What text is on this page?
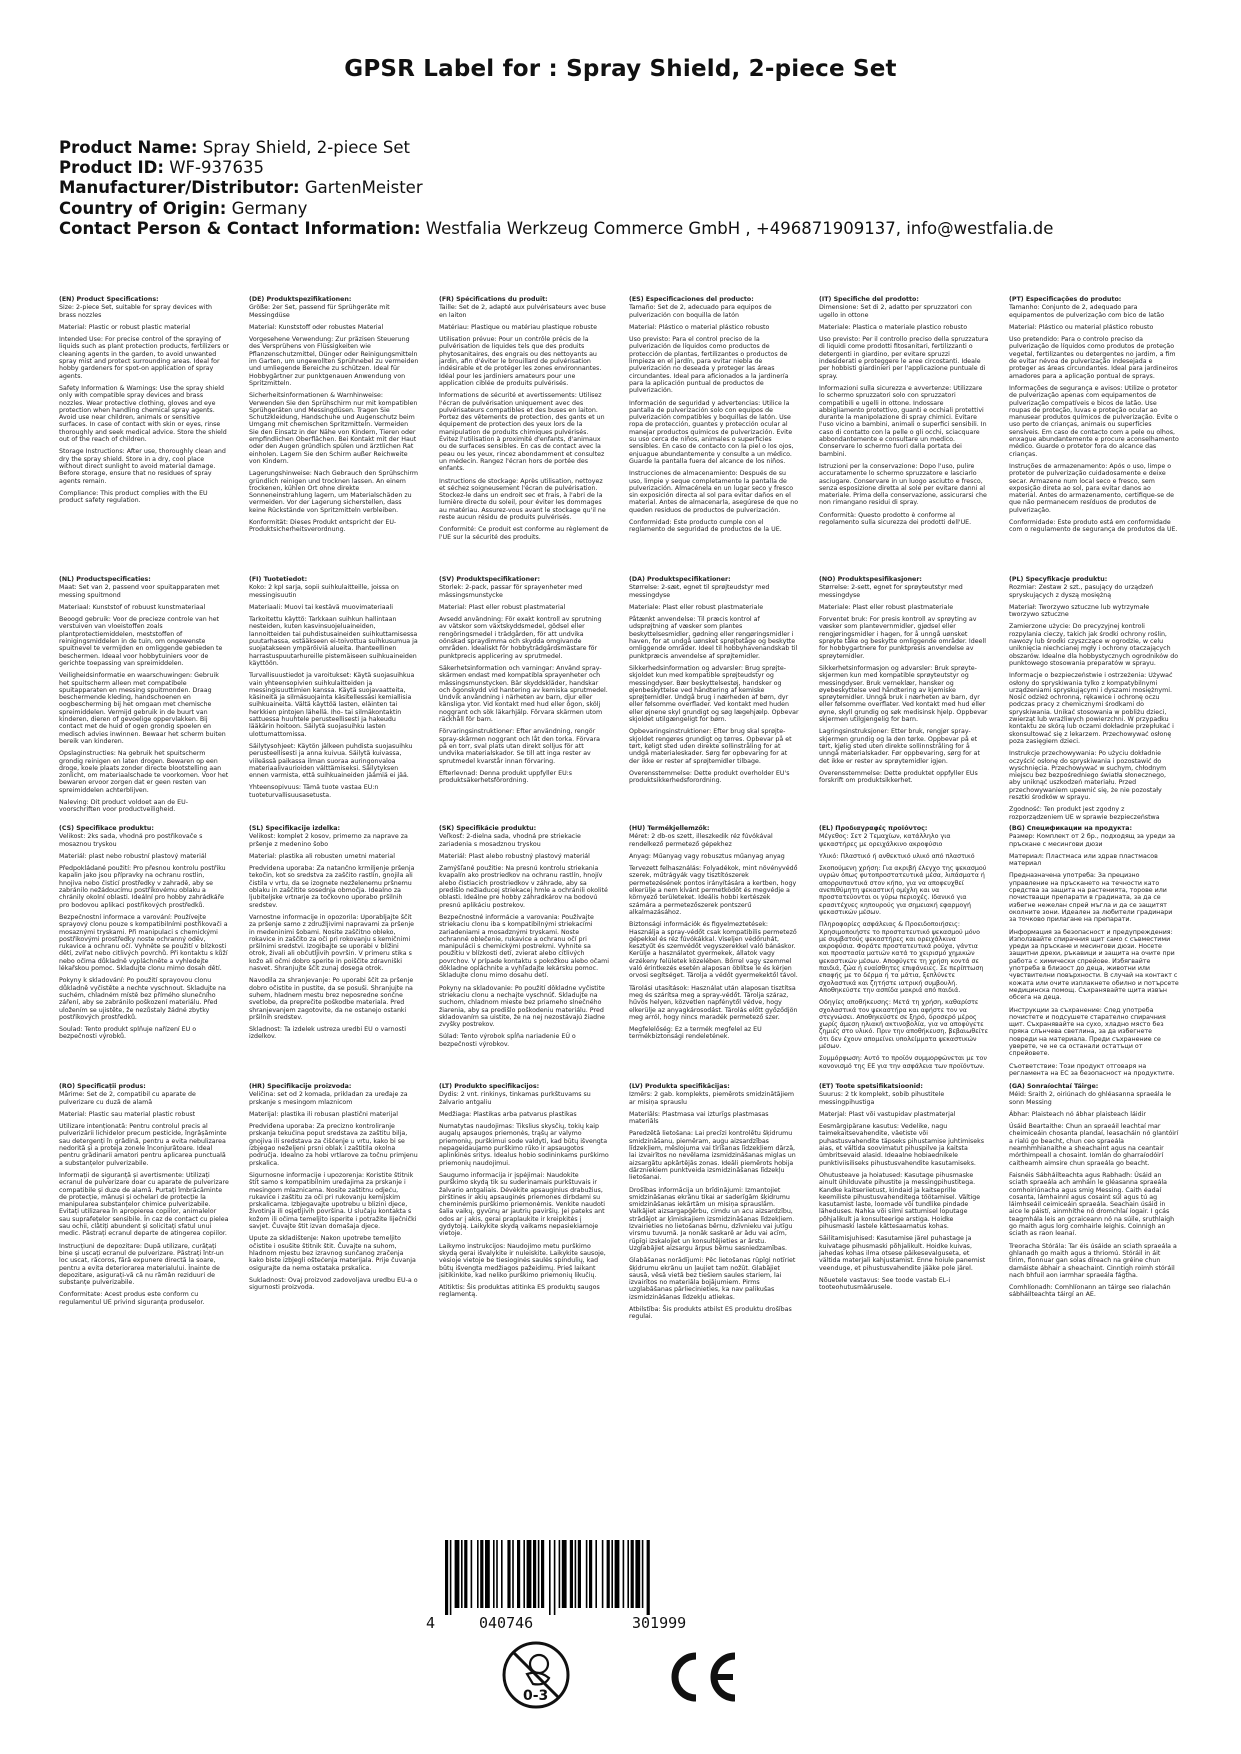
GPSR Label for : Spray Shield, 2-piece Set
Product Name: Spray Shield, 2-piece Set
Product ID: WF-937635
Manufacturer/Distributor: GartenMeister
Country of Origin: Germany
Contact Person & Contact Information: Westfalia Werkzeug Commerce GmbH , +496871909137, info@westfalia.de
(EN) Product Specifications:
Size: 2-piece Set, suitable for spray devices with brass nozzles
Material: Plastic or robust plastic material
Intended Use: For precise control of the spraying of liquids such as plant protection products, fertilizers or cleaning agents in the garden, to avoid unwanted spray mist and protect surrounding areas. Ideal for hobby gardeners for spot-on application of spray agents.
Safety Information & Warnings: Use the spray shield only with compatible spray devices and brass nozzles. Wear protective clothing, gloves and eye protection when handling chemical spray agents. Avoid use near children, animals or sensitive surfaces. In case of contact with skin or eyes, rinse thoroughly and seek medical advice. Store the shield out of the reach of children.
Storage Instructions: After use, thoroughly clean and dry the spray shield. Store in a dry, cool place without direct sunlight to avoid material damage. Before storage, ensure that no residues of spray agents remain.
Compliance: This product complies with the EU product safety regulation.
(DE) Produktspezifikationen:
Größe: 2er Set, passend für Sprühgeräte mit Messingdüse
Material: Kunststoff oder robustes Material
Vorgesehene Verwendung: Zur präzisen Steuerung des Versprühens von Flüssigkeiten wie Pflanzenschutzmittel, Dünger oder Reinigungsmitteln im Garten, um ungewollten Sprühnebel zu vermeiden und umliegende Bereiche zu schützen. Ideal für Hobbygärtner zur punktgenauen Anwendung von Spritzmitteln.
Sicherheitsinformationen & Warnhinweise: Verwenden Sie den Sprühschirm nur mit kompatiblen Sprühgeräten und Messingdüsen. Tragen Sie Schutzkleidung, Handschuhe und Augenschutz beim Umgang mit chemischen Spritzmitteln. Vermeiden Sie den Einsatz in der Nähe von Kindern, Tieren oder empfindlichen Oberflächen. Bei Kontakt mit der Haut oder den Augen gründlich spülen und ärztlichen Rat einholen. Lagern Sie den Schirm außer Reichweite von Kindern.
Lagerungshinweise: Nach Gebrauch den Sprühschirm gründlich reinigen und trocknen lassen. An einem trockenen, kühlen Ort ohne direkte Sonneneinstrahlung lagern, um Materialschäden zu vermeiden. Vor der Lagerung sicherstellen, dass keine Rückstände von Spritzmitteln verbleiben.
Konformität: Dieses Produkt entspricht der EU-Produktsicherheitsverordnung.
(FR) Spécifications du produit:
Taille: Set de 2, adapté aux pulvérisateurs avec buse en laiton
Matériau: Plastique ou matériau plastique robuste
Utilisation prévue: Pour un contrôle précis de la pulvérisation de liquides tels que des produits phytosanitaires, des engrais ou des nettoyants au jardin, afin d'éviter le brouillard de pulvérisation indésirable et de protéger les zones environnantes. Idéal pour les jardiniers amateurs pour une application ciblée de produits pulvérisés.
Informations de sécurité et avertissements: Utilisez l'écran de pulvérisation uniquement avec des pulvérisateurs compatibles et des buses en laiton. Portez des vêtements de protection, des gants et un équipement de protection des yeux lors de la manipulation de produits chimiques pulvérisés. Évitez l'utilisation à proximité d'enfants, d'animaux ou de surfaces sensibles. En cas de contact avec la peau ou les yeux, rincez abondamment et consultez un médecin. Rangez l'écran hors de portée des enfants.
Instructions de stockage: Après utilisation, nettoyez et séchez soigneusement l'écran de pulvérisation. Stockez-le dans un endroit sec et frais, à l'abri de la lumière directe du soleil, pour éviter les dommages au matériau. Assurez-vous avant le stockage qu'il ne reste aucun résidu de produits pulvérisés.
Conformité: Ce produit est conforme au règlement de l'UE sur la sécurité des produits.
(ES) Especificaciones del producto:
Tamaño: Set de 2, adecuado para equipos de pulverización con boquilla de latón
Material: Plástico o material plástico robusto
Uso previsto: Para el control preciso de la pulverización de líquidos como productos de protección de plantas, fertilizantes o productos de limpieza en el jardín, para evitar niebla de pulverización no deseada y proteger las áreas circundantes. Ideal para aficionados a la jardinería para la aplicación puntual de productos de pulverización.
Información de seguridad y advertencias: Utilice la pantalla de pulverización solo con equipos de pulverización compatibles y boquillas de latón. Use ropa de protección, guantes y protección ocular al manejar productos químicos de pulverización. Evite su uso cerca de niños, animales o superficies sensibles. En caso de contacto con la piel o los ojos, enjuague abundantemente y consulte a un médico. Guarde la pantalla fuera del alcance de los niños.
Instrucciones de almacenamiento: Después de su uso, limpie y seque completamente la pantalla de pulverización. Almacénela en un lugar seco y fresco sin exposición directa al sol para evitar daños en el material. Antes de almacenarla, asegúrese de que no queden residuos de productos de pulverización.
Conformidad: Este producto cumple con el reglamento de seguridad de productos de la UE.
(IT) Specifiche del prodotto:
Dimensione: Set di 2, adatto per spruzzatori con ugello in ottone
Materiale: Plastica o materiale plastico robusto
Uso previsto: Per il controllo preciso della spruzzatura di liquidi come prodotti fitosanitari, fertilizzanti o detergenti in giardino, per evitare spruzzi indesiderati e proteggere le aree circostanti. Ideale per hobbisti giardinieri per l'applicazione puntuale di spray.
Informazioni sulla sicurezza e avvertenze: Utilizzare lo schermo spruzzatori solo con spruzzatori compatibili e ugelli in ottone. Indossare abbigliamento protettivo, guanti e occhiali protettivi durante la manipolazione di spray chimici. Evitare l'uso vicino a bambini, animali o superfici sensibili. In caso di contatto con la pelle o gli occhi, sciacquare abbondantemente e consultare un medico. Conservare lo schermo fuori dalla portata dei bambini.
Istruzioni per la conservazione: Dopo l'uso, pulire accuratamente lo schermo spruzzatore e lasciarlo asciugare. Conservare in un luogo asciutto e fresco, senza esposizione diretta al sole per evitare danni al materiale. Prima della conservazione, assicurarsi che non rimangano residui di spray.
Conformità: Questo prodotto è conforme al regolamento sulla sicurezza dei prodotti dell'UE.
(PT) Especificações do produto:
Tamanho: Conjunto de 2, adequado para equipamentos de pulverização com bico de latão
Material: Plástico ou material plástico robusto
Uso pretendido: Para o controlo preciso da pulverização de líquidos como produtos de proteção vegetal, fertilizantes ou detergentes no jardim, a fim de evitar névoa de pulverização indesejada e proteger as áreas circundantes. Ideal para jardineiros amadores para a aplicação pontual de sprays.
Informações de segurança e avisos: Utilize o protetor de pulverização apenas com equipamentos de pulverização compatíveis e bicos de latão. Use roupas de proteção, luvas e proteção ocular ao manusear produtos químicos de pulverização. Evite o uso perto de crianças, animais ou superfícies sensíveis. Em caso de contacto com a pele ou olhos, enxague abundantemente e procure aconselhamento médico. Guarde o protetor fora do alcance das crianças.
Instruções de armazenamento: Após o uso, limpe o protetor de pulverização cuidadosamente e deixe secar. Armazene num local seco e fresco, sem exposição direta ao sol, para evitar danos ao material. Antes do armazenamento, certifique-se de que não permanecem resíduos de produtos de pulverização.
Conformidade: Este produto está em conformidade com o regulamento de segurança de produtos da UE.
(NL) Productspecificaties:
Maat: Set van 2, passend voor spuitapparaten met messing spuitmond
Materiaal: Kunststof of robuust kunstmateriaal
Beoogd gebruik: Voor de precieze controle van het verstuiven van vloeistoffen zoals plantprotectiemiddelen, meststoffen of reinigingsmiddelen in de tuin, om ongewenste spuitnevel te vermijden en omliggende gebieden te beschermen. Ideaal voor hobbytuiniers voor de gerichte toepassing van spreimiddelen.
Veiligheidsinformatie en waarschuwingen: Gebruik het spuitscherm alleen met compatibele spuitapparaten en messing spuitmonden. Draag beschermende kleding, handschoenen en oogbescherming bij het omgaan met chemische spreimiddelen. Vermijd gebruik in de buurt van kinderen, dieren of gevoelige oppervlakken. Bij contact met de huid of ogen grondig spoelen en medisch advies inwinnen. Bewaar het scherm buiten bereik van kinderen.
Opslaginstructies: Na gebruik het spuitscherm grondig reinigen en laten drogen. Bewaren op een droge, koele plaats zonder directe blootstelling aan zonlicht, om materiaalschade te voorkomen. Voor het bewaren ervoor zorgen dat er geen resten van spreimiddelen achterblijven.
Naleving: Dit product voldoet aan de EU-voorschriften voor productveiligheid.
(FI) Tuotetiedot:
Koko: 2 kpl sarja, sopii suihkulaitteille, joissa on messingisuutin
Materiaali: Muovi tai kestävä muovimateriaali
Tarkoitettu käyttö: Tarkkaan suihkun hallintaan nesteiden, kuten kasvinsuojeluaineiden, lannoitteiden tai puhdistusaineiden suihkuttamisessa puutarhassa, estääkseen ei-toivottua suihkusumua ja suojatakseen ympäröiviä alueita. Ihanteellinen harrastuspuutarhureille pistemäiseen suihkuaineiden käyttöön.
Turvallisuustiedot ja varoitukset: Käytä suojasuihkua vain yhteensopivien suihkulaitteiden ja messingisuuttimien kanssa. Käytä suojavaatteita, käsineitä ja silmäsuojainta käsitellessäsi kemiallisia suihkuaineita. Vältä käyttöä lasten, eläinten tai herkkien pintojen lähellä. Iho- tai silmäkontaktin sattuessa huuhtele perusteellisesti ja hakeudu lääkärin hoitoon. Säilytä suojasuihku lasten ulottumattomissa.
Säilytysohjeet: Käytön jälkeen puhdista suojasuihku perusteellisesti ja anna kuivua. Säilytä kuivassa, viileässä paikassa ilman suoraa auringonvaloa materiaalivaurioiden välttämiseksi. Säilytyksen ennen varmista, että suihkuaineiden jäämiä ei jää.
Yhteensopivuus: Tämä tuote vastaa EU:n tuoteturvallisuusasetusta.
(SV) Produktspecifikationer:
Storlek: 2-pack, passar för sprayenheter med mässingsmunstycke
Material: Plast eller robust plastmaterial
Avsedd användning: För exakt kontroll av sprutning av vätskor som växtskyddsmedel, gödsel eller rengöringsmedel i trädgården, för att undvika oönskad spraydimma och skydda omgivande områden. Idealiskt för hobbyträdgårdsmästare för punktprecis applicering av sprutmedel.
Säkerhetsinformation och varningar: Använd spray-skärmen endast med kompatibla sprayenheter och mässingsmunstycken. Bär skyddskläder, handskar och ögonskydd vid hantering av kemiska sprutmedel. Undvik användning i närheten av barn, djur eller känsliga ytor. Vid kontakt med hud eller ögon, skölj noggrant och sök läkarhjälp. Förvara skärmen utom räckhåll för barn.
Förvaringsinstruktioner: Efter användning, rengör spray-skärmen noggrant och låt den torka. Förvara på en torr, sval plats utan direkt solljus för att undvika materialskador. Se till att inga rester av sprutmedel kvarstår innan förvaring.
Efterlevnad: Denna produkt uppfyller EU:s produktsäkerhetsförordning.
(DA) Produktspecifikationer:
Størrelse: 2-sæt, egnet til sprøjteudstyr med messingdyse
Materiale: Plast eller robust plastmateriale
Påtænkt anvendelse: Til præcis kontrol af udsprøjtning af væsker som plantes beskyttelsesmidler, gødning eller rengøringsmidler i haven, for at undgå uønsket sprøjtetåge og beskytte omliggende områder. Ideel til hobbyhavenandskab til punktpræcis anvendelse af sprøjtemidler.
Sikkerhedsinformation og advarsler: Brug sprøjte-skjoldet kun med kompatible sprøjteudstyr og messingdyser. Bær beskyttelsestøj, handsker og øjenbeskyttelse ved håndtering af kemiske sprøjtemidler. Undgå brug i nærheden af børn, dyr eller følsomme overflader. Ved kontakt med huden eller øjnene skyl grundigt og søg lægehjælp. Opbevar skjoldet utilgængeligt for børn.
Opbevaringsinstruktioner: Efter brug skal sprøjte-skjoldet rengøres grundigt og tørres. Opbevar på et tørt, køligt sted uden direkte sollinstråling for at undgå materialeskader. Sørg før opbevaring for at der ikke er rester af sprøjtemidler tilbage.
Overensstemmelse: Dette produkt overholder EU's produktsikkerhedsforordning.
(NO) Produktspesifikasjoner:
Størrelse: 2-sett, egnet for sprøyteutstyr med messingdyse
Materiale: Plast eller robust plastmateriale
Forventet bruk: For presis kontroll av sprøyting av væsker som plantevernmidler, gjødsel eller rengjøringsmidler i hagen, for å unngå uønsket sprøyte tåke og beskytte omliggende områder. Ideell for hobbygartnere for punktpresis anvendelse av sprøytemidler.
Sikkerhetsinformasjon og advarsler: Bruk sprøyte-skjermen kun med kompatible sprøyteutstyr og messingdyser. Bruk verneklær, hansker og øyebeskyttelse ved håndtering av kjemiske sprøytemidler. Unngå bruk i nærheten av barn, dyr eller følsomme overflater. Ved kontakt med hud eller øyne, skyll grundig og søk medisinsk hjelp. Oppbevar skjermen utilgjengelig for barn.
Lagringsinstruksjoner: Etter bruk, rengjør spray-skjermen grundig og la den tørke. Oppbevar på et tørt, kjølig sted uten direkte sollinnstråling for å unngå materialskader. Før oppbevaring, sørg for at det ikke er rester av sprøytemidler igjen.
Overensstemmelse: Dette produktet oppfyller EUs forskrift om produktsikkerhet.
(PL) Specyfikacje produktu:
Rozmiar: Zestaw 2 szt., pasujący do urządzeń spryskujących z dyszą mosiężną
Materiał: Tworzywo sztuczne lub wytrzymałe tworzywo sztuczne
Zamierzone użycie: Do precyzyjnej kontroli rozpylania cieczy, takich jak środki ochrony roślin, nawozy lub środki czyszczące w ogrodzie, w celu uniknięcia niechcianej mgły i ochrony otaczających obszarów. Idealne dla hobbystycznych ogrodników do punktowego stosowania preparatów w sprayu.
Informacje o bezpieczeństwie i ostrzeżenia: Używać osłony do spryskiwania tylko z kompatybilnymi urządzeniami spryskującymi i dyszami mosiężnymi. Nosić odzież ochronną, rękawice i ochronę oczu podczas pracy z chemicznymi środkami do spryskiwania. Unikać stosowania w pobliżu dzieci, zwierząt lub wrażliwych powierzchni. W przypadku kontaktu ze skórą lub oczami dokładnie przepłukać i skonsultować się z lekarzem. Przechowywać osłonę poza zasięgiem dzieci.
Instrukcje przechowywania: Po użyciu dokładnie oczyścić osłonę do spryskiwania i pozostawić do wyschnięcia. Przechowywać w suchym, chłodnym miejscu bez bezpośredniego światła słonecznego, aby uniknąć uszkodzeń materiału. Przed przechowywaniem upewnić się, że nie pozostały resztki środków w sprayu.
Zgodność: Ten produkt jest zgodny z rozporządzeniem UE w sprawie bezpieczeństwa
(CS) Specifikace produktu:
Velikost: 2ks sada, vhodná pro postřikovače s mosaznou tryskou
Materiál: plast nebo robustní plastový materiál
Předpokládané použití: Pro přesnou kontrolu postřiku kapalin jako jsou přípravky na ochranu rostlin, hnojiva nebo čisticí prostředky v zahradě, aby se zabránilo nežádoucímu postřikovému oblaku a chránily okolní oblasti. Ideální pro hobby zahrádkáře pro bodovou aplikaci postřikových prostředků.
Bezpečnostní informace a varování: Používejte sprayový clonu pouze s kompatibilními postřikovači a mosaznými tryskami. Při manipulaci s chemickými postřikovými prostředky noste ochranný oděv, rukavice a ochranu očí. Vyhněte se použití v blízkosti dětí, zvířat nebo citlivých povrchů. Při kontaktu s kůží nebo očima důkladně vypláchněte a vyhledejte lékařskou pomoc. Skladujte clonu mimo dosah dětí.
Pokyny k skladování: Po použití sprayovou clonu důkladně vyčistěte a nechte vyschnout. Skladujte na suchém, chladném místě bez přímého slunečního záření, aby se zabránilo poškození materiálu. Před uložením se ujistěte, že nezůstaly žádné zbytky postřikových prostředků.
Soulad: Tento produkt splňuje nařízení EU o bezpečnosti výrobků.
(SL) Specifikacije izdelka:
Velikost: komplet 2 kosov, primerno za naprave za pršenje z medenino šobo
Material: plastika ali robusten umetni material
Predvidena uporaba: Za natančno krmiljenje pršenja tekočin, kot so sredstva za zaščito rastlin, gnojila ali čistila v vrtu, da se izognete nezželenemu pršnemu oblaku in zaščitite sosednja območja. Idealno za ljubiteljske vrtnarje za točkovno uporabo pršilnih sredstev.
Varnostne informacije in opozorila: Uporabljajte ščit za pršenje samo z združljivimi napravami za pršenje in medeninimi šobami. Nosite zaščitno obleko, rokavice in zaščito za oči pri rokovanju s kemičnimi pršilnimi sredstvi. Izogibajte se uporabi v bližini otrok, živali ali občutljivih površin. V primeru stika s kožo ali očmi dobro sperite in poiščite zdravniški nasvet. Shranjujte ščit zunaj dosega otrok.
Navodila za shranjevanje: Po uporabi ščit za pršenje dobro očistite in pustite, da se posuši. Shranjujte na suhem, hladnem mestu brez neposredne sončne svetlobe, da preprečite poškodbe materiala. Pred shranjevanjem zagotovite, da ne ostanejo ostanki pršilnih sredstev.
Skladnost: Ta izdelek ustreza uredbi EU o varnosti izdelkov.
(SK) Špecifikácie produktu:
Veľkosť: 2-dielna sada, vhodná pre striekacie zariadenia s mosadznou tryskou
Materiál: Plast alebo robustný plastový materiál
Zamýšľané použitie: Na presnú kontrolu striekania kvapalín ako prostriedkov na ochranu rastlín, hnojív alebo čistiacich prostriedkov v záhrade, aby sa predišlo nežiaducej striekacej hmle a ochránili okolité oblasti. Ideálne pre hobby záhradkárov na bodovú presnú aplikáciu postrekov.
Bezpečnostné informácie a varovania: Používajte striekaciu clonu iba s kompatibilnými striekacími zariadeniami a mosadznými tryskami. Noste ochranné oblečenie, rukavice a ochranu očí pri manipulácii s chemickými postrekmi. Vyhnite sa použitiu v blízkosti detí, zvierat alebo citlivých povrchov. V prípade kontaktu s pokožkou alebo očami dôkladne opláchnite a vyhľadajte lekársku pomoc. Skladujte clonu mimo dosahu detí.
Pokyny na skladovanie: Po použití dôkladne vyčistite striekaciu clonu a nechajte vyschnúť. Skladujte na suchom, chladnom mieste bez priameho slnečného žiarenia, aby sa predišlo poškodeniu materiálu. Pred skladovaním sa uistite, že na nej nezostávajú žiadne zvyšky postrekov.
Súlad: Tento výrobok spĺňa nariadenie EÚ o bezpečnosti výrobkov.
(HU) Termékjellemzők:
Méret: 2 db-os szett, illeszkedik réz fúvókával rendelkező permetező gépekhez
Anyag: Műanyag vagy robusztus műanyag anyag
Tervezett felhasználás: Folyadékok, mint növényvédő szerek, műtrágyák vagy tisztítószerek permetezésének pontos irányítására a kertben, hogy elkerülje a nem kívánt permetködöt és megvédje a környező területeket. Ideális hobbi kertészek számára a permetezőszerek pontszerű alkalmazásához.
Biztonsági információk és figyelmeztetések: Használja a spray-védőt csak kompatibilis permetező gépekkel és réz fúvókákkal. Viseljen védőruhát, kesztyűt és szemvédőt vegyszerekkel való bánáskor. Kerülje a használatot gyermekek, állatok vagy érzékeny felületek közelében. Bőrrel vagy szemmel való érintkezés esetén alaposan öblítse le és kérjen orvosi segítséget. Tárolja a védőt gyermekektől távol.
Tárolási utasítások: Használat után alaposan tisztítsa meg és szárítsa meg a spray-védőt. Tárolja száraz, hűvös helyen, közvetlen napfénytől védve, hogy elkerülje az anyagkárosodást. Tárolás előtt győződjön meg arról, hogy nincs maradék permetező szer.
Megfelelőség: Ez a termék megfelel az EU termékbiztonsági rendeletének.
(EL) Προδιαγραφές προϊόντος:
Μέγεθος: Σετ 2 Τεμαχίων, κατάλληλο για ψεκαστήρες με ορειχάλκινο ακροφύσιο
Υλικό: Πλαστικό ή ανθεκτικό υλικό από πλαστικό
Σκοπούμενη χρήση: Για ακριβή έλεγχο της ψεκασμού υγρών όπως φυτοπροστατευτικά μέσα, λιπάσματα ή απορρυπαντικά στον κήπο, για να αποφευχθεί ανεπιθύμητη ψεκαστική ομίχλη και να προστατεύονται οι γύρω περιοχές. Ιδανικό για ερασιτέχνες κηπουρούς για σημειακή εφαρμογή ψεκαστικών μέσων.
Πληροφορίες ασφάλειας & Προειδοποιήσεις: Χρησιμοποιήστε το προστατευτικό ψεκασμού μόνο με συμβατούς ψεκαστήρες και ορειχάλκινα ακροφύσια. Φοράτε προστατευτικά ρούχα, γάντια και προστασία ματιών κατά το χειρισμό χημικών ψεκαστικών μέσων. Αποφύγετε τη χρήση κοντά σε παιδιά, ζώα ή ευαίσθητες επιφάνειες. Σε περίπτωση επαφής με το δέρμα ή τα μάτια, ξεπλύνετε σχολαστικά και ζητήστε ιατρική συμβουλή. Αποθηκεύστε την ασπίδα μακριά από παιδιά.
Οδηγίες αποθήκευσης: Μετά τη χρήση, καθαρίστε σχολαστικά τον ψεκαστήρα και αφήστε τον να στεγνώσει. Αποθηκεύστε σε ξηρό, δροσερό μέρος χωρίς άμεση ηλιακή ακτινοβολία, για να αποφύγετε ζημιές στο υλικό. Πριν την αποθήκευση, βεβαιωθείτε ότι δεν έχουν απομείνει υπολείμματα ψεκαστικών μέσων.
Συμμόρφωση: Αυτό το προϊόν συμμορφώνεται με τον κανονισμό της ΕΕ για την ασφάλεια των προϊόντων.
(BG) Спецификации на продукта:
Размер: Комплект от 2 бр., подходящ за уреди за пръскане с месингови дюзи
Материал: Пластмаса или здрав пластмасов материал
Предназначена употреба: За прецизно управление на пръскането на течности като средства за защита на растенията, торове или почистващи препарати в градината, за да се избегне нежелан спрей мъгла и да се защитят околните зони. Идеален за любители градинари за точково прилагане на препарати.
Информация за безопасност и предупреждения: Използвайте спирачния щит само с съвместими уреди за пръскане и месингови дюзи. Носете защитни дрехи, ръкавици и защита на очите при работа с химически спрейове. Избягвайте употреба в близост до деца, животни или чувствителни повърхности. В случай на контакт с кожата или очите изплакнете обилно и потърсете медицинска помощ. Съхранявайте щита извън обсега на деца.
Инструкции за съхранение: След употреба почистете и подсушете старателно спирачния щит. Съхранявайте на сухо, хладно място без пряка слънчева светлина, за да избегнете повреди на материала. Преди съхранение се уверете, че не са останали остатъци от спрейовете.
Съответствие: Този продукт отговаря на регламента на ЕС за безопасност на продуктите.
(RO) Specificații produs:
Mărime: Set de 2, compatibil cu aparate de pulverizare cu duză de alamă
Material: Plastic sau material plastic robust
Utilizare intenționată: Pentru controlul precis al pulverizării lichidelor precum pesticide, îngrășăminte sau detergenți în grădină, pentru a evita nebulizarea nedorită și a proteja zonele înconjurătoare. Ideal pentru grădinarii amatori pentru aplicarea punctuală a substanțelor pulverizabile.
Informații de siguranță și avertismente: Utilizați ecranul de pulverizare doar cu aparate de pulverizare compatibile și duze de alamă. Purtați îmbrăcăminte de protecție, mănuși și ochelari de protecție la manipularea substanțelor chimice pulverizabile. Evitați utilizarea în apropierea copiilor, animalelor sau suprafețelor sensibile. În caz de contact cu pielea sau ochii, clătiți abundent și solicitați sfatul unui medic. Păstrați ecranul departe de atingerea copiilor.
Instrucțiuni de depozitare: După utilizare, curățați bine și uscați ecranul de pulverizare. Păstrați într-un loc uscat, răcoros, fără expunere directă la soare, pentru a evita deteriorarea materialului. Înainte de depozitare, asigurați-vă că nu rămân reziduuri de substanțe pulverizabile.
Conformitate: Acest produs este conform cu regulamentul UE privind siguranța produselor.
(HR) Specifikacije proizvoda:
Veličina: set od 2 komada, prikladan za uređaje za prskanje s mesingom mlaznicom
Materijal: plastika ili robusan plastični materijal
Predviđena uporaba: Za precizno kontroliranje prskanja tekućina poput sredstava za zaštitu bilja, gnojiva ili sredstava za čišćenje u vrtu, kako bi se izbjegao neželjeni prsni oblak i zaštitila okolna područja. Idealno za hobi vrtlarove za točnu primjenu prskalica.
Sigurnosne informacije i upozorenja: Koristite štitnik štit samo s kompatibilnim uređajima za prskanje i mesingom mlaznicama. Nosite zaštitnu odjeću, rukavice i zaštitu za oči pri rukovanju kemijskim prskalicama. Izbjegavajte upotrebu u blizini djece, životinja ili osjetljivih površina. U slučaju kontakta s kožom ili očima temeljito isperite i potražite liječnički savjet. Čuvajte štit izvan domašaja djece.
Upute za skladištenje: Nakon upotrebe temeljito očistite i osušite štitnik štit. Čuvajte na suhom, hladnom mjestu bez izravnog sunčanog zračenja kako biste izbjegli oštećenja materijala. Prije čuvanja osigurajte da nema ostataka prskalica.
Sukladnost: Ovaj proizvod zadovoljava uredbu EU-a o sigurnosti proizvoda.
(LT) Produkto specifikacijos:
Dydis: 2 vnt. rinkinys, tinkamas purkštuvams su žalvario antgaliu
Medžiaga: Plastikas arba patvarus plastikas
Numatytas naudojimas: Tikslius skysčių, tokių kaip augalų apsaugos priemonės, trąšų ar valymo priemonių, purškimui sode valdyti, kad būtų išvengta nepageidaujamo purškimo rūko ir apsaugotos aplinkinės sritys. Idealus hobio sodininkams purškimo priemonių naudojimui.
Saugumo informacija ir įspėjimai: Naudokite purškimo skydą tik su suderinamais purkštuvais ir žalvario antgaliais. Dėvėkite apsauginius drabužius, pirštines ir akių apsauginės priemones dirbdami su cheminėmis purškimo priemonėmis. Venkite naudoti šalia vaikų, gyvūnų ar jautrių paviršių. Jei pateks ant odos ar į akis, gerai praplaukite ir kreipkitės į gydytoją. Laikykite skydą vaikams nepasiekiamoje vietoje.
Laikymo instrukcijos: Naudojimo metu purškimo skydą gerai išvalykite ir nuleiskite. Laikykite sausoje, vėsioje vietoje be tiesioginės saulės spindulių, kad būtų išvengta medžiagos pažeidimų. Prieš laikant įsitikinkite, kad neliko purškimo priemonių likučių.
Atitiktis: Šis produktas atitinka ES produktų saugos reglamentą.
(LV) Produkta specifikācijas:
Izmērs: 2 gab. komplekts, piemērots smidzinātājiem ar misiņa sprauslu
Materiāls: Plastmasa vai izturīgs plastmasas materiāls
Paredzētā lietošana: Lai precīzi kontrolētu šķidrumu smidzināšanu, piemēram, augu aizsardzības līdzekļiem, mēslojuma vai tīrīšanas līdzekļiem dārzā, lai izvairītos no nevēlama izsmidzināšanas miglas un aizsargātu apkārtējās zonas. Ideāli piemērots hobija dārzniekiem punktveida izsmidzināšanas līdzekļu lietošanai.
Drošības informācija un brīdinājumi: Izmantojiet smidzināšanas ekrānu tikai ar saderīgām šķidrumu smidzināšanas iekārtām un misiņa sprauslām. Valkājiet aizsargapģērbu, cimdu un acu aizsardzību, strādājot ar ķīmiskajiem izsmidzināšanas līdzekļiem. Izvairieties no lietošanas bērnu, dzīvnieku vai jutīgu virsmu tuvumā. Ja nonāk saskarē ar ādu vai acīm, rūpīgi izskalojiet un konsultējieties ar ārstu. Uzglabājiet aizsargu ārpus bērnu sasniedzamības.
Glabāšanas norādījumi: Pēc lietošanas rūpīgi notīriet šķidrumu ekrānu un ļaujiet tam nožūt. Glabājiet sausā, vēsā vietā bez tiešiem saules stariem, lai izvairītos no materiāla bojājumiem. Pirms uzglabāšanas pārliecinieties, ka nav palikušas izsmidzināšanas līdzekļu atliekas.
Atbilstība: Šis produkts atbilst ES produktu drošības regulai.
(ET) Toote spetsifikatsioonid:
Suurus: 2 tk komplekt, sobib pihustitele messingpihustiga
Materjal: Plast või vastupidav plastmaterjal
Eesmärgipärane kasutus: Vedelike, nagu taimekaitsevahendite, väetiste või puhastusvahendite täpseks pihustamise juhtimiseks aias, et vältida soovimatut pihuspilve ja kaitsta ümbritsevaid alasid. Ideaalne hobiaednikele punktiviisiliseks pihustusvahendite kasutamiseks.
Ohutusteave ja hoiatused: Kasutage pihusmaske ainult ühilduvate pihustite ja messingpihustitega. Kandke kaitseriietust, kindaid ja kaitseprille keemiliste pihustusvahenditega töötamisel. Vältige kasutamist laste, loomade või tundlike pindade läheduses. Nahka või silmi sattumisel loputage põhjalikult ja konsulteerige arstiga. Hoidke pihusmaski lastele kättesaamatus kohas.
Säilitamisjuhised: Kasutamise järel puhastage ja kuivatage pihusmaski põhjalikult. Hoidke kuivas, jahedas kohas ilma otsese päikesevalguseta, et vältida materjali kahjustamist. Enne hoiule panemist veenduge, et pihustusvahendite jääke pole järel.
Nõuetele vastavus: See toode vastab EL-i tooteohutusmäärusele.
(GA) Sonraíochtaí Táirge:
Méid: Sraith 2, oiriúnach do ghléasanna spraeála le sonn Messing
Ábhar: Plaisteach nó ábhar plaisteach láidir
Úsáid Beartaithe: Chun an spraeáil leachtaí mar cheimiceáin chosanta plandaí, leasacháin nó glantóirí a rialú go beacht, chun ceo spraeála neamhmhianaithe a sheachaint agus na ceantair mórthimpeall a chosaint. Iomlán do gharraíodóirí caitheamh aimsire chun spraeála go beacht.
Faisnéis Sábháilteachta agus Rabhadh: Úsáid an sciath spraeála ach amháin le gléasanna spraeála comhoiriúnacha agus smig Messing. Caith éadaí cosanta, lámhainní agus cosaint súl agus tú ag láimhseáil ceimiceáin spraeála. Seachain úsáid in aice le páistí, ainmhithe nó dromchlaí íogair. I gcás teagmhála leis an gcraiceann nó na súile, sruthlaigh go maith agus lorg comhairle leighis. Coinnigh an sciath as raon leanaí.
Treoracha Stórála: Tar éis úsáide an sciath spraeála a ghlanadh go maith agus a thriomú. Stóráil in áit tirim, fionnuar gan solas díreach na gréine chun damáiste ábhair a sheachaint. Cinntigh roimh stóráil nach bhfuil aon iarmhar spraeála fágtha.
Comhlíonadh: Comhlíonann an táirge seo rialachán sábháilteachta táirgí an AE.
4	040746	301999
0-3
